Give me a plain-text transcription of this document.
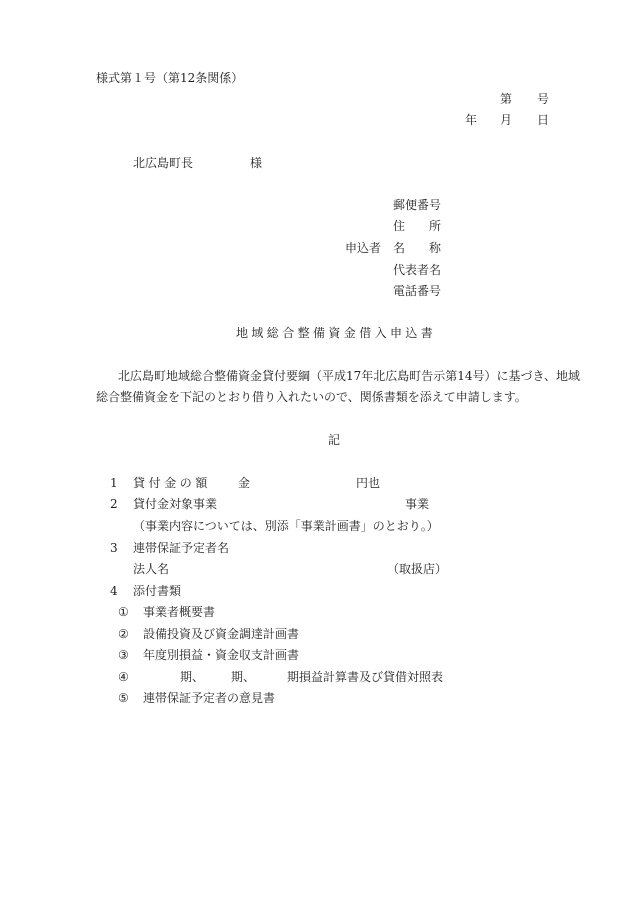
様式第１号（第12条関係）
第 号
年 月 日
北広島町長	様
郵便番号
住 所
申込者 名 称
代表者名
電話番号
地域総合整備資金借入申込書
北広島町地域総合整備資金貸付要綱（平成17年北広島町告示第14号）に基づき、地域
総合整備資金を下記のとおり借り入れたいので、関係書類を添えて申請します。
記
1 貸付金の額 金	円也
2 貸付金対象事業	事業
（事業内容については、別添「事業計画書」のとおり。）
3 連帯保証予定者名
法人名	（取扱店）
4 添付書類
① 事業者概要書
② 設備投資及び資金調達計画書
③ 年度別損益・資金収支計画書
④	期、 期、	期損益計算書及び貸借対照表
⑤ 連帯保証予定者の意見書
